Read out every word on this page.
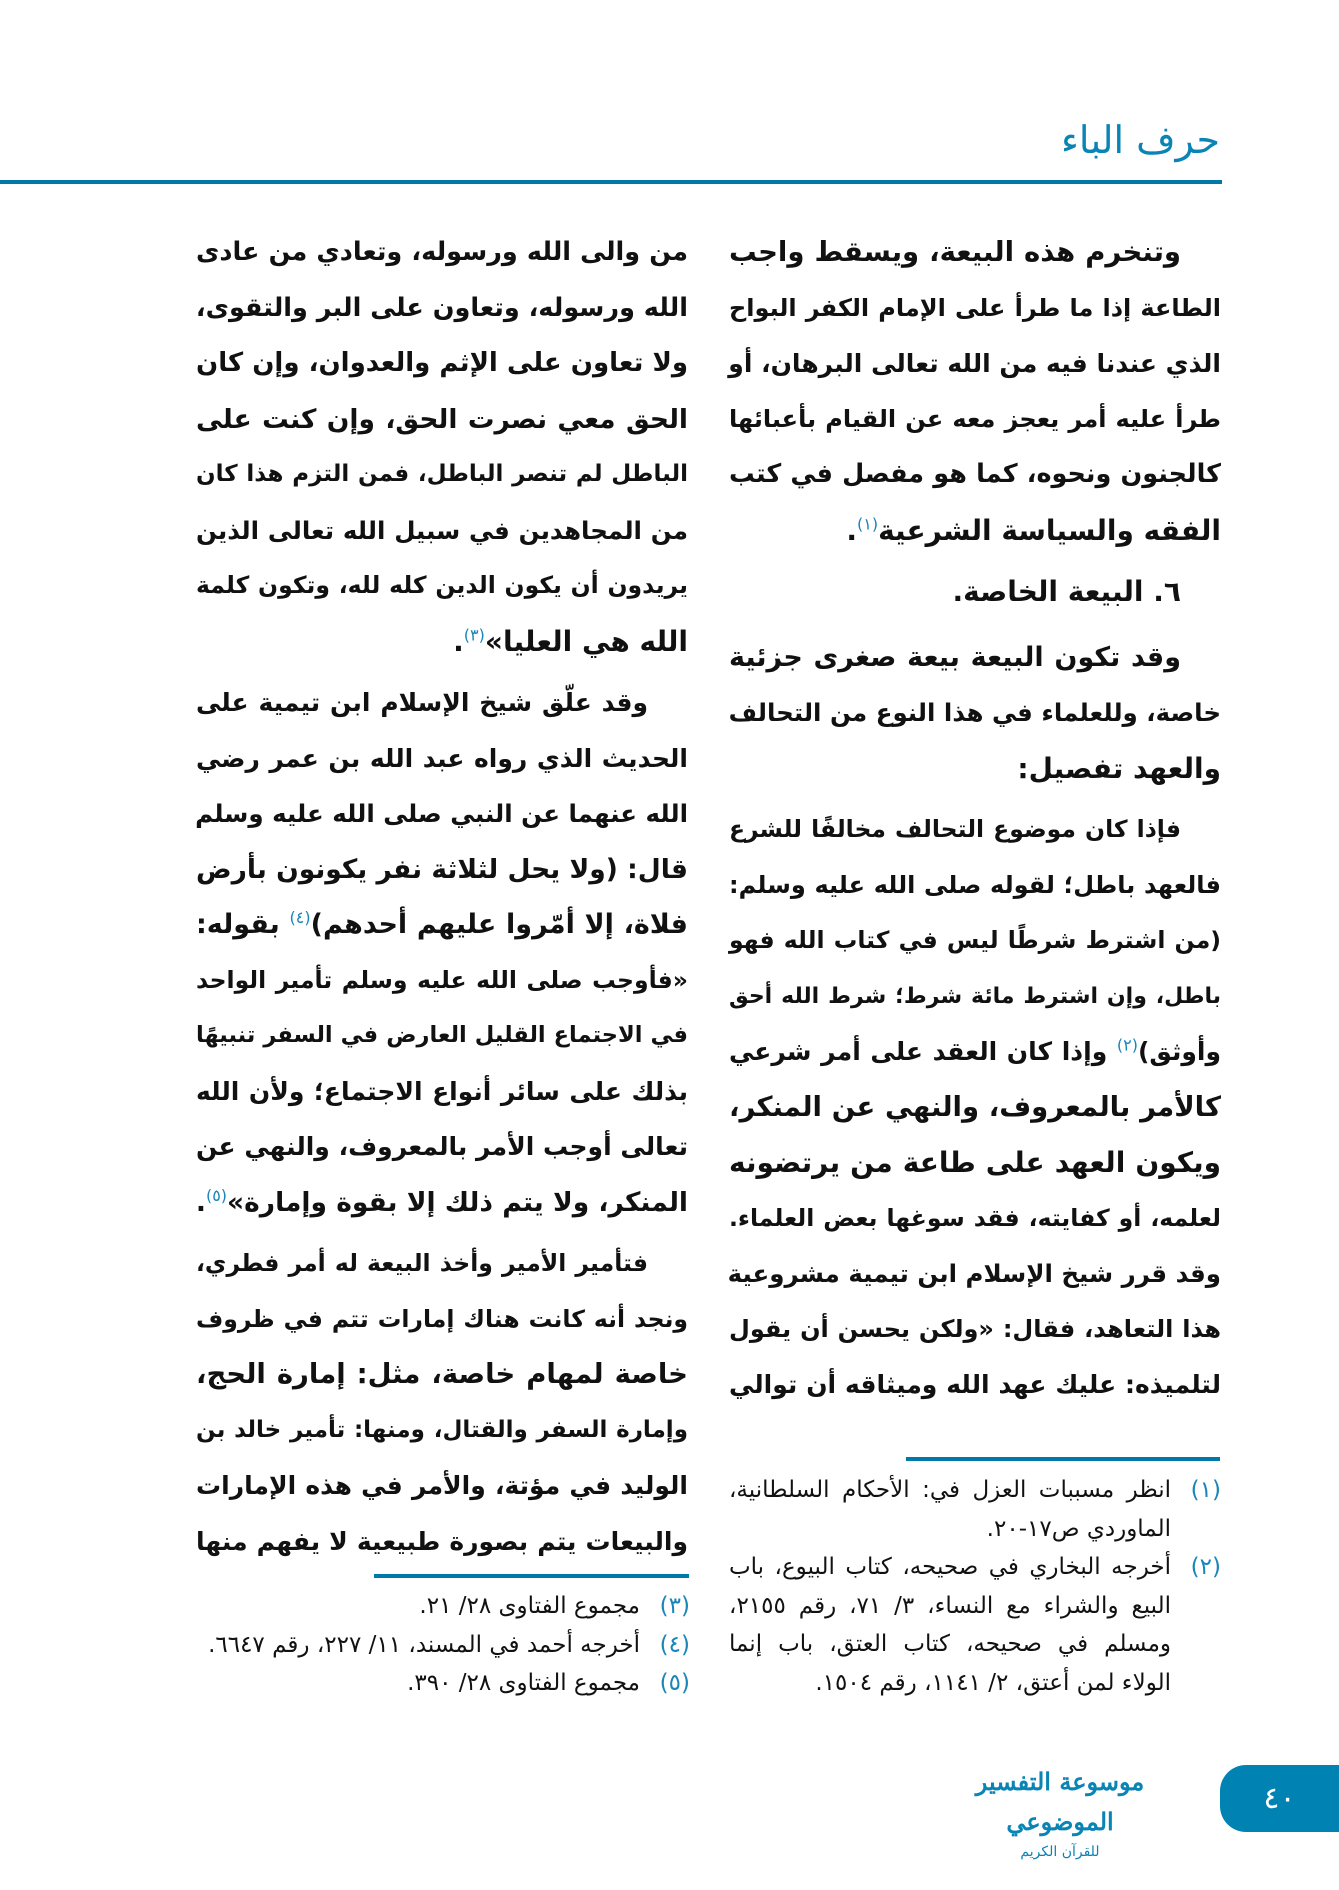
حرف الباء
وتنخرم هذه البيعة، ويسقط واجب
الطاعة إذا ما طرأ على الإمام الكفر البواح
الذي عندنا فيه من الله تعالى البرهان، أو
طرأ عليه أمر يعجز معه عن القيام بأعبائها
كالجنون ونحوه، كما هو مفصل في كتب
الفقه والسياسة الشرعية$^{(١)}$.
٦. البيعة الخاصة.
وقد تكون البيعة بيعة صغرى جزئية
خاصة، وللعلماء في هذا النوع من التحالف
والعهد تفصيل:
فإذا كان موضوع التحالف مخالفًا للشرع
فالعهد باطل؛ لقوله صلى الله عليه وسلم:
(من اشترط شرطًا ليس في كتاب الله فهو
باطل، وإن اشترط مائة شرط؛ شرط الله أحق
وأوثق)$^{(٢)}$ وإذا كان العقد على أمر شرعي
كالأمر بالمعروف، والنهي عن المنكر،
ويكون العهد على طاعة من يرتضونه
لعلمه، أو كفايته، فقد سوغها بعض العلماء.
وقد قرر شيخ الإسلام ابن تيمية مشروعية
هذا التعاهد، فقال: «ولكن يحسن أن يقول
لتلميذه: عليك عهد الله وميثاقه أن توالي
من والى الله ورسوله، وتعادي من عادى
الله ورسوله، وتعاون على البر والتقوى،
ولا تعاون على الإثم والعدوان، وإن كان
الحق معي نصرت الحق، وإن كنت على
الباطل لم تنصر الباطل، فمن التزم هذا كان
من المجاهدين في سبيل الله تعالى الذين
يريدون أن يكون الدين كله لله، وتكون كلمة
الله هي العليا»$^{(٣)}$.
وقد علّق شيخ الإسلام ابن تيمية على
الحديث الذي رواه عبد الله بن عمر رضي
الله عنهما عن النبي صلى الله عليه وسلم
قال: (ولا يحل لثلاثة نفر يكونون بأرض
فلاة، إلا أمّروا عليهم أحدهم)$^{(٤)}$ بقوله:
«فأوجب صلى الله عليه وسلم تأمير الواحد
في الاجتماع القليل العارض في السفر تنبيهًا
بذلك على سائر أنواع الاجتماع؛ ولأن الله
تعالى أوجب الأمر بالمعروف، والنهي عن
المنكر، ولا يتم ذلك إلا بقوة وإمارة»$^{(٥)}$.
فتأمير الأمير وأخذ البيعة له أمر فطري،
ونجد أنه كانت هناك إمارات تتم في ظروف
خاصة لمهام خاصة، مثل: إمارة الحج،
وإمارة السفر والقتال، ومنها: تأمير خالد بن
الوليد في مؤتة، والأمر في هذه الإمارات
والبيعات يتم بصورة طبيعية لا يفهم منها
(١)
انظر مسببات العزل في: الأحكام السلطانية، الماوردي ص١٧-٢٠.
(٢)
أخرجه البخاري في صحيحه، كتاب البيوع، باب البيع والشراء مع النساء، ٣/ ٧١، رقم ٢١٥٥، ومسلم في صحيحه، كتاب العتق، باب إنما الولاء لمن أعتق، ٢/ ١١٤١، رقم ١٥٠٤.
(٣)
مجموع الفتاوى ٢٨/ ٢١.
(٤)
أخرجه أحمد في المسند، ١١/ ٢٢٧، رقم ٦٦٤٧.
(٥)
مجموع الفتاوى ٢٨/ ٣٩٠.
موسوعة التفسير الموضوعي
للقرآن الكريم
٤٠
